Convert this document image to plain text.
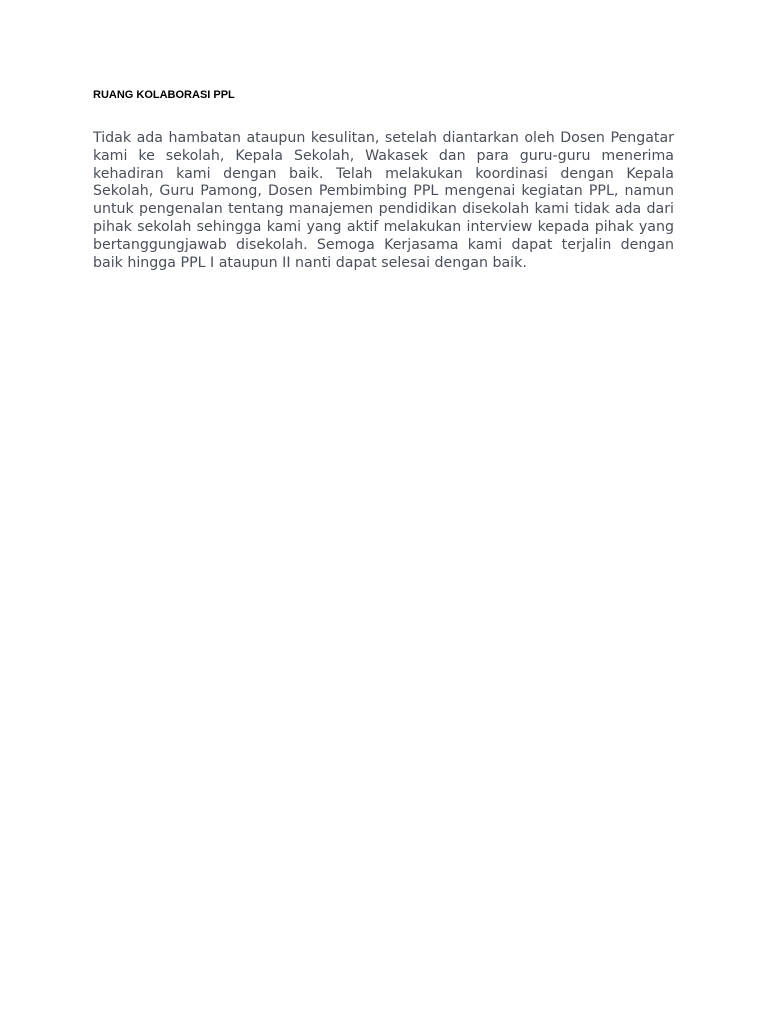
RUANG KOLABORASI PPL

Tidak ada hambatan ataupun kesulitan, setelah diantarkan oleh Dosen Pengatar kami ke sekolah, Kepala Sekolah, Wakasek dan para guru-guru menerima kehadiran kami dengan baik. Telah melakukan koordinasi dengan Kepala Sekolah, Guru Pamong, Dosen Pembimbing PPL mengenai kegiatan PPL, namun untuk pengenalan tentang manajemen pendidikan disekolah kami tidak ada dari pihak sekolah sehingga kami yang aktif melakukan interview kepada pihak yang bertanggungjawab disekolah. Semoga Kerjasama kami dapat terjalin dengan baik hingga PPL I ataupun II nanti dapat selesai dengan baik.
